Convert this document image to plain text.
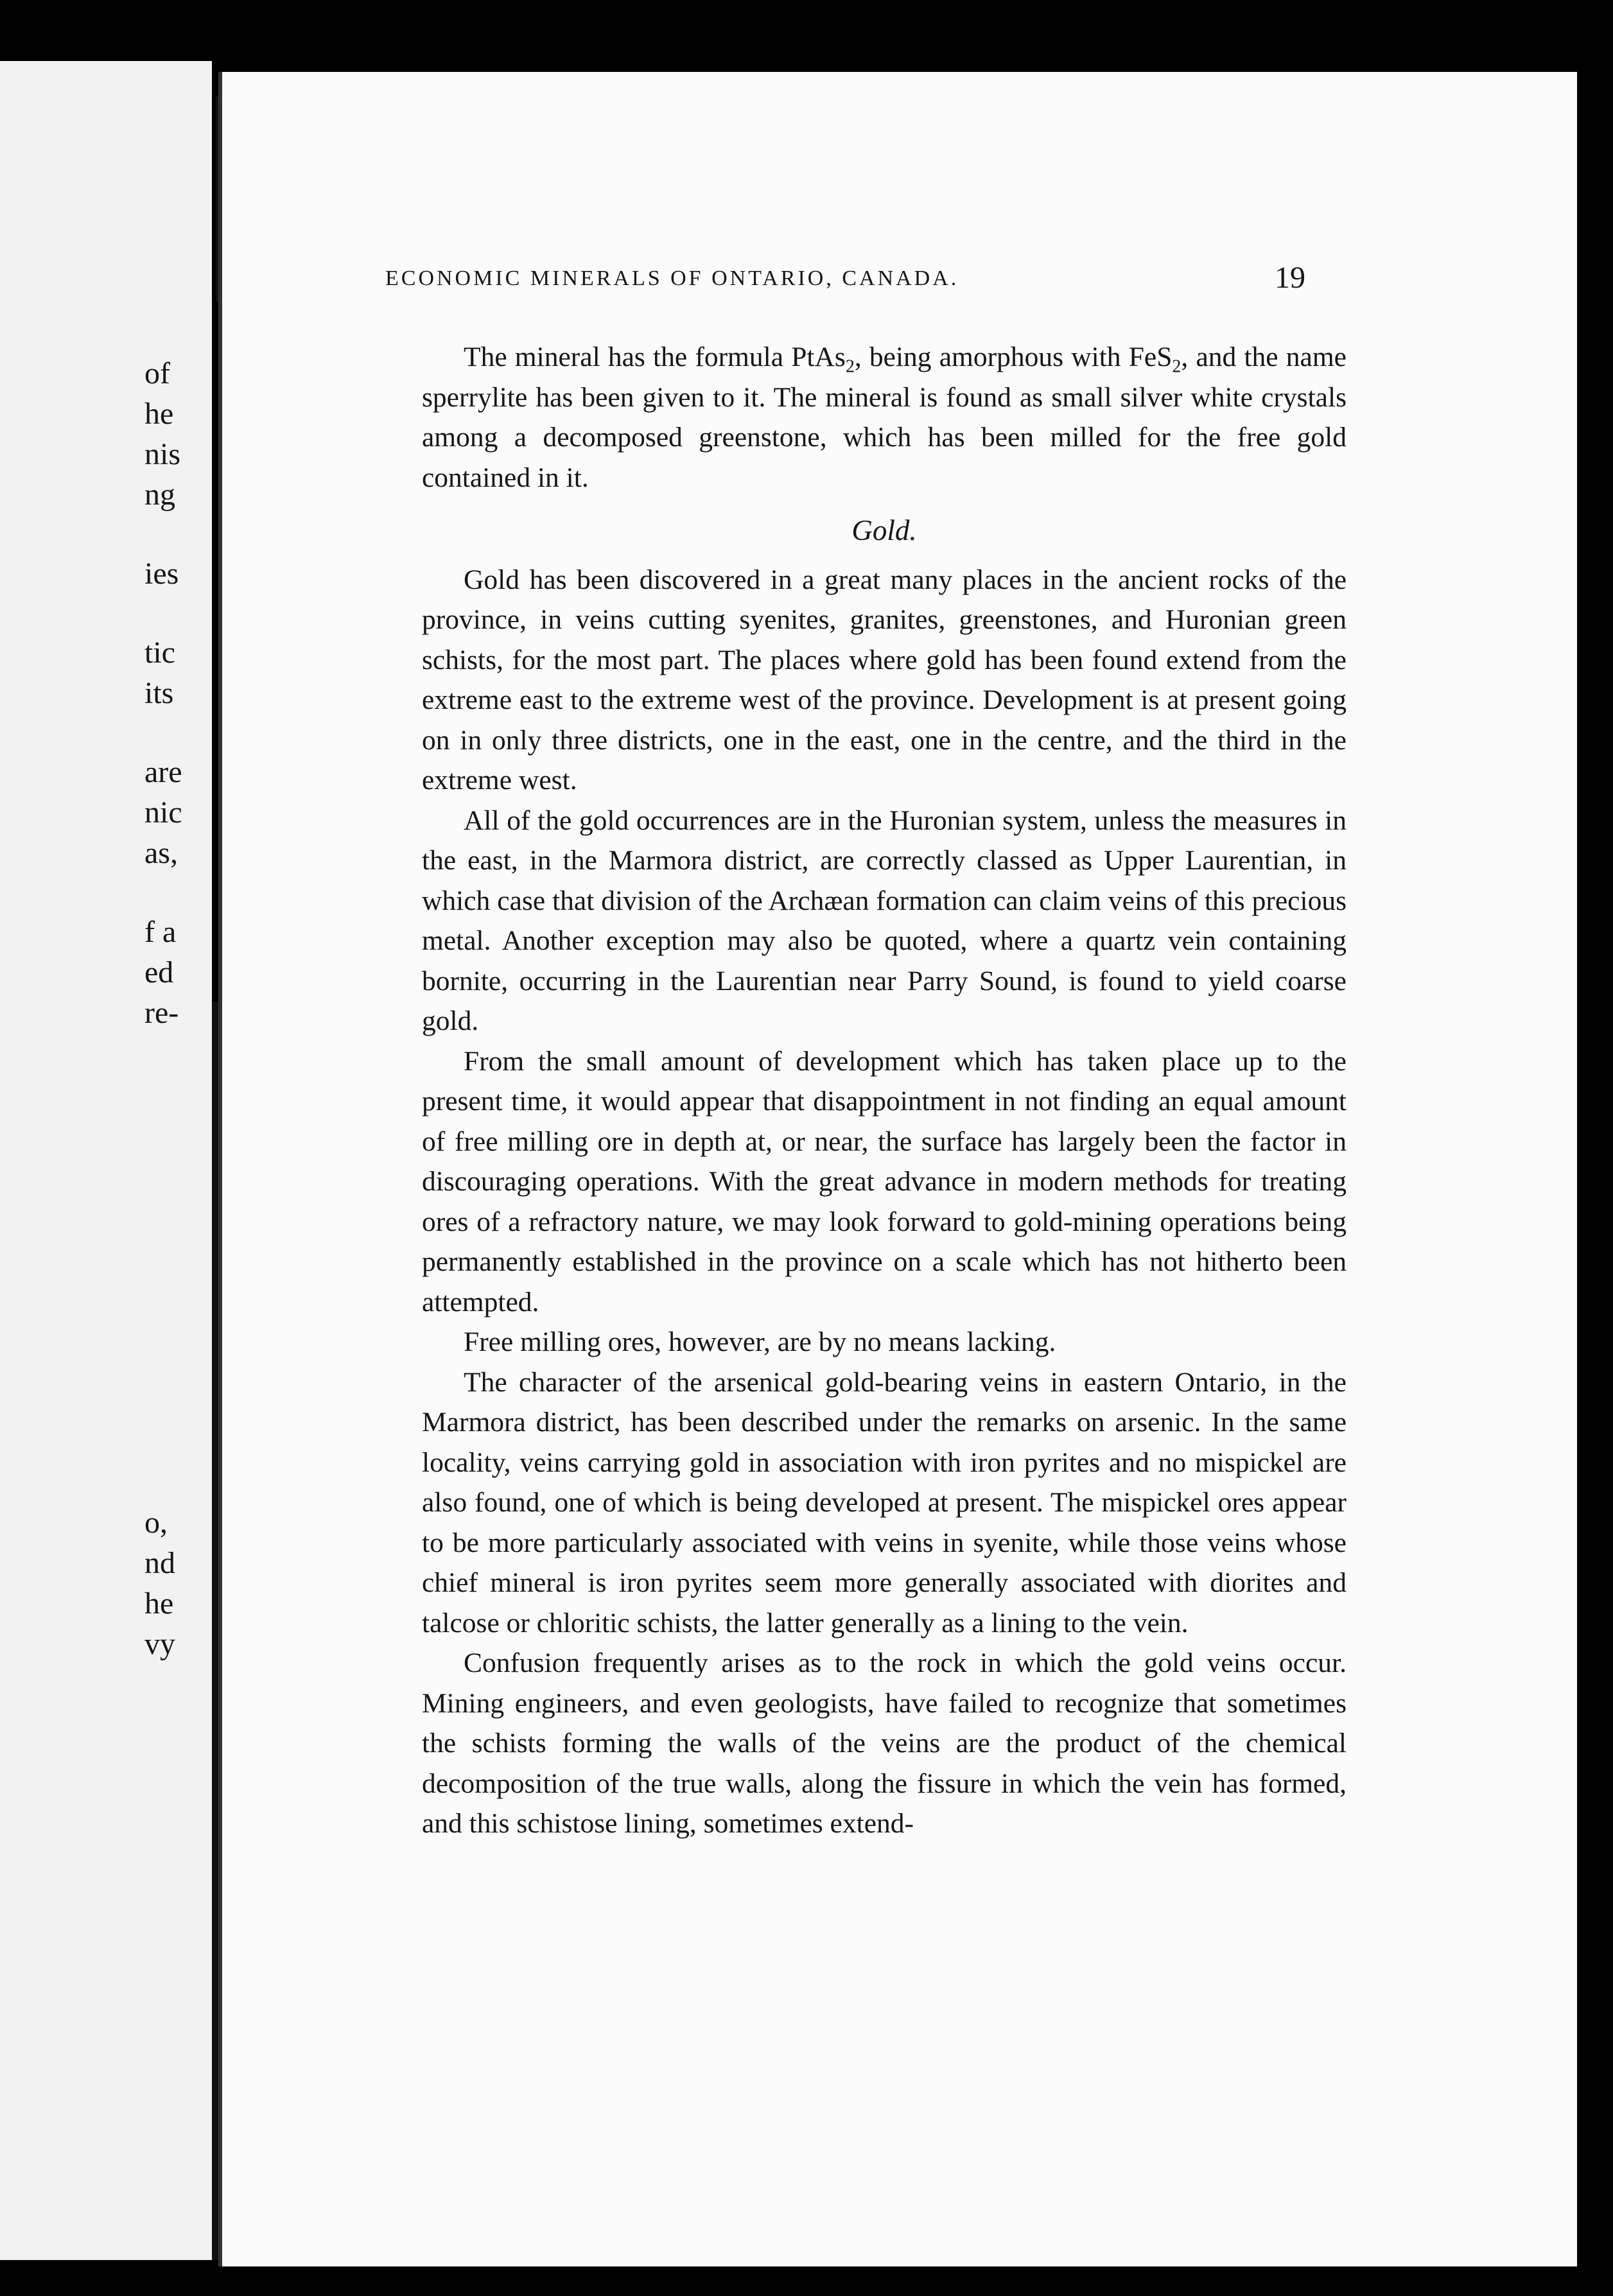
of
he
nis
ng
ies
tic
its
are
nic
as,
f a
ed
re-
o,
nd
he
vy
ECONOMIC MINERALS OF ONTARIO, CANADA.	19

The mineral has the formula PtAs$_2$, being amorphous with FeS$_2$, and the name sperrylite has been given to it. The mineral is found as small silver white crystals among a decomposed greenstone, which has been milled for the free gold contained in it.

Gold.

Gold has been discovered in a great many places in the ancient rocks of the province, in veins cutting syenites, granites, greenstones, and Huronian green schists, for the most part. The places where gold has been found extend from the extreme east to the extreme west of the province. Development is at present going on in only three districts, one in the east, one in the centre, and the third in the extreme west.

All of the gold occurrences are in the Huronian system, unless the measures in the east, in the Marmora district, are correctly classed as Upper Laurentian, in which case that division of the Archæan formation can claim veins of this precious metal. Another exception may also be quoted, where a quartz vein containing bornite, occurring in the Laurentian near Parry Sound, is found to yield coarse gold.

From the small amount of development which has taken place up to the present time, it would appear that disappointment in not finding an equal amount of free milling ore in depth at, or near, the surface has largely been the factor in discouraging operations. With the great advance in modern methods for treating ores of a refractory nature, we may look forward to gold-mining operations being permanently established in the province on a scale which has not hitherto been attempted.

Free milling ores, however, are by no means lacking.

The character of the arsenical gold-bearing veins in eastern Ontario, in the Marmora district, has been described under the remarks on arsenic. In the same locality, veins carrying gold in association with iron pyrites and no mispickel are also found, one of which is being developed at present. The mispickel ores appear to be more particularly associated with veins in syenite, while those veins whose chief mineral is iron pyrites seem more generally associated with diorites and talcose or chloritic schists, the latter generally as a lining to the vein.

Confusion frequently arises as to the rock in which the gold veins occur. Mining engineers, and even geologists, have failed to recognize that sometimes the schists forming the walls of the veins are the product of the chemical decomposition of the true walls, along the fissure in which the vein has formed, and this schistose lining, sometimes extend-
